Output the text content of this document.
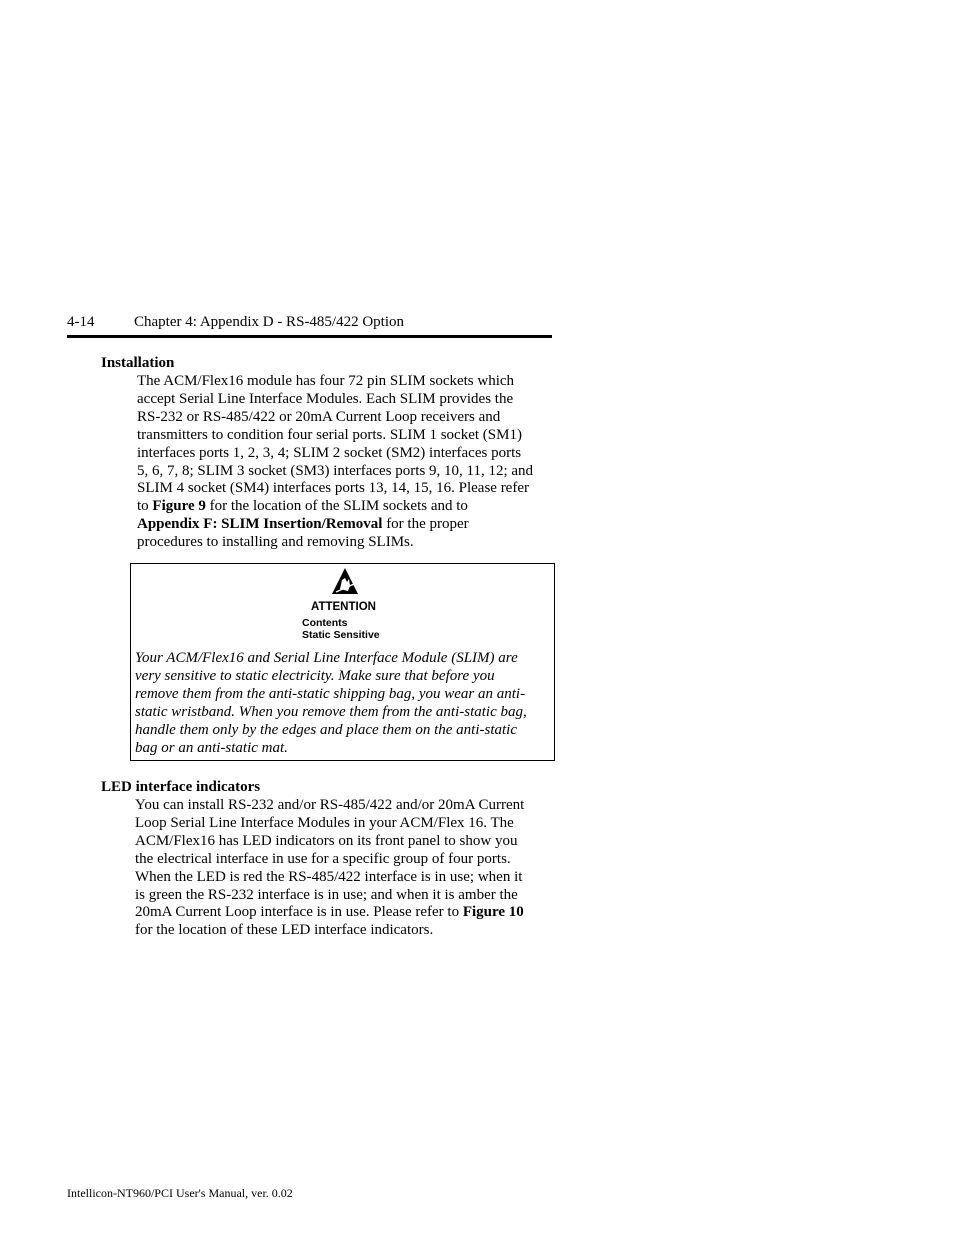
4-14	Chapter 4: Appendix D - RS-485/422 Option
Installation
The ACM/Flex16 module has four 72 pin SLIM sockets which
accept Serial Line Interface Modules. Each SLIM provides the
RS-232 or RS-485/422 or 20mA Current Loop receivers and
transmitters to condition four serial ports. SLIM 1 socket (SM1)
interfaces ports 1, 2, 3, 4; SLIM 2 socket (SM2) interfaces ports
5, 6, 7, 8; SLIM 3 socket (SM3) interfaces ports 9, 10, 11, 12; and
SLIM 4 socket (SM4) interfaces ports 13, 14, 15, 16. Please refer
to Figure 9 for the location of the SLIM sockets and to
Appendix F: SLIM Insertion/Removal for the proper
procedures to installing and removing SLIMs.
ATTENTION
Contents
Static Sensitive
Your ACM/Flex16 and Serial Line Interface Module (SLIM) are
very sensitive to static electricity. Make sure that before you
remove them from the anti-static shipping bag, you wear an anti-
static wristband. When you remove them from the anti-static bag,
handle them only by the edges and place them on the anti-static
bag or an anti-static mat.
LED interface indicators
You can install RS-232 and/or RS-485/422 and/or 20mA Current
Loop Serial Line Interface Modules in your ACM/Flex 16. The
ACM/Flex16 has LED indicators on its front panel to show you
the electrical interface in use for a specific group of four ports.
When the LED is red the RS-485/422 interface is in use; when it
is green the RS-232 interface is in use; and when it is amber the
20mA Current Loop interface is in use. Please refer to Figure 10
for the location of these LED interface indicators.
Intellicon-NT960/PCI User's Manual, ver. 0.02
